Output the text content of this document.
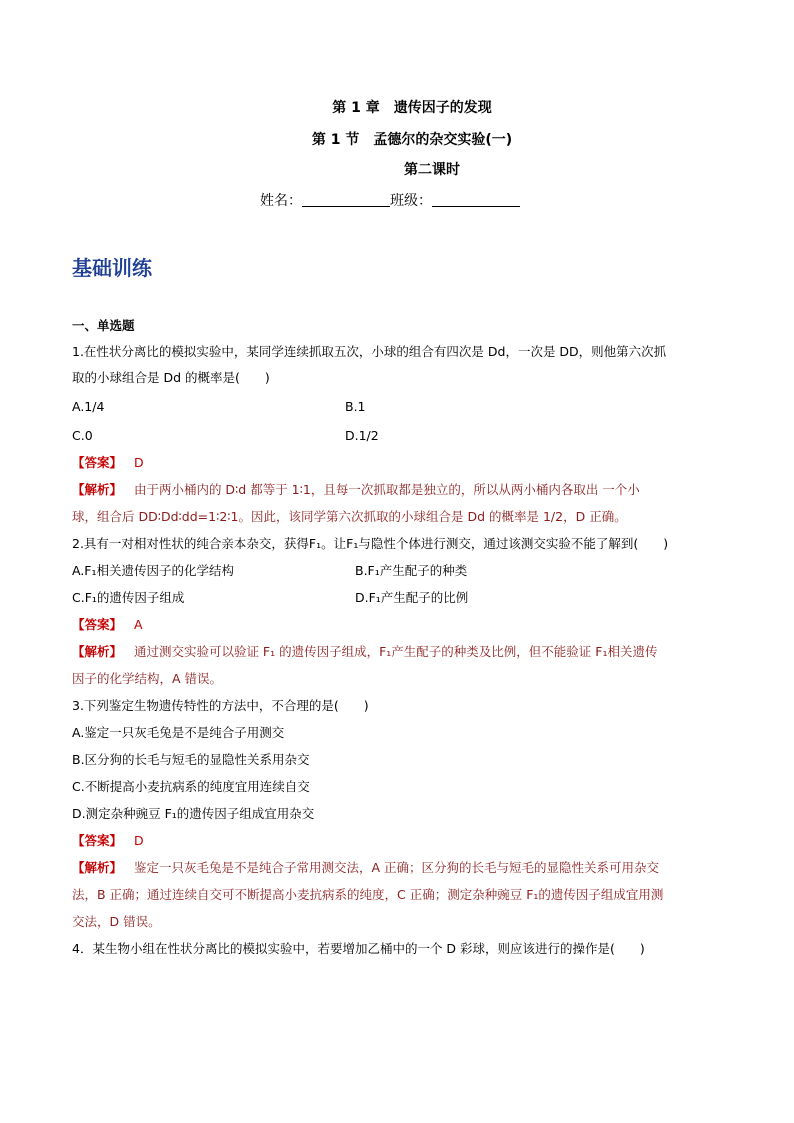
第 1 章　遗传因子的发现
第 1 节　孟德尔的杂交实验(一)
第二课时
姓名：	班级：
基础训练
一、单选题
1.在性状分离比的模拟实验中，某同学连续抓取五次，小球的组合有四次是 Dd，一次是 DD，则他第六次抓
取的小球组合是 Dd 的概率是(　　)
A.1/4	B.1
C.0	D.1/2
【答案】 D
【解析】 由于两小桶内的 D∶d 都等于 1∶1，且每一次抓取都是独立的，所以从两小桶内各取出 一个小
球，组合后 DD∶Dd∶dd=1∶2∶1。因此，该同学第六次抓取的小球组合是 Dd 的概率是 1/2，D 正确。
2.具有一对相对性状的纯合亲本杂交，获得F₁。让F₁与隐性个体进行测交，通过该测交实验不能了解到(　　)
A.F₁相关遗传因子的化学结构	B.F₁产生配子的种类
C.F₁的遗传因子组成	D.F₁产生配子的比例
【答案】 A
【解析】 通过测交实验可以验证 F₁ 的遗传因子组成，F₁产生配子的种类及比例，但不能验证 F₁相关遗传
因子的化学结构，A 错误。
3.下列鉴定生物遗传特性的方法中，不合理的是(　　)
A.鉴定一只灰毛兔是不是纯合子用测交
B.区分狗的长毛与短毛的显隐性关系用杂交
C.不断提高小麦抗病系的纯度宜用连续自交
D.测定杂种豌豆 F₁的遗传因子组成宜用杂交
【答案】 D
【解析】 鉴定一只灰毛兔是不是纯合子常用测交法，A 正确；区分狗的长毛与短毛的显隐性关系可用杂交
法，B 正确；通过连续自交可不断提高小麦抗病系的纯度，C 正确；测定杂种豌豆 F₁的遗传因子组成宜用测
交法，D 错误。
4．某生物小组在性状分离比的模拟实验中，若要增加乙桶中的一个 D 彩球，则应该进行的操作是(　　)
